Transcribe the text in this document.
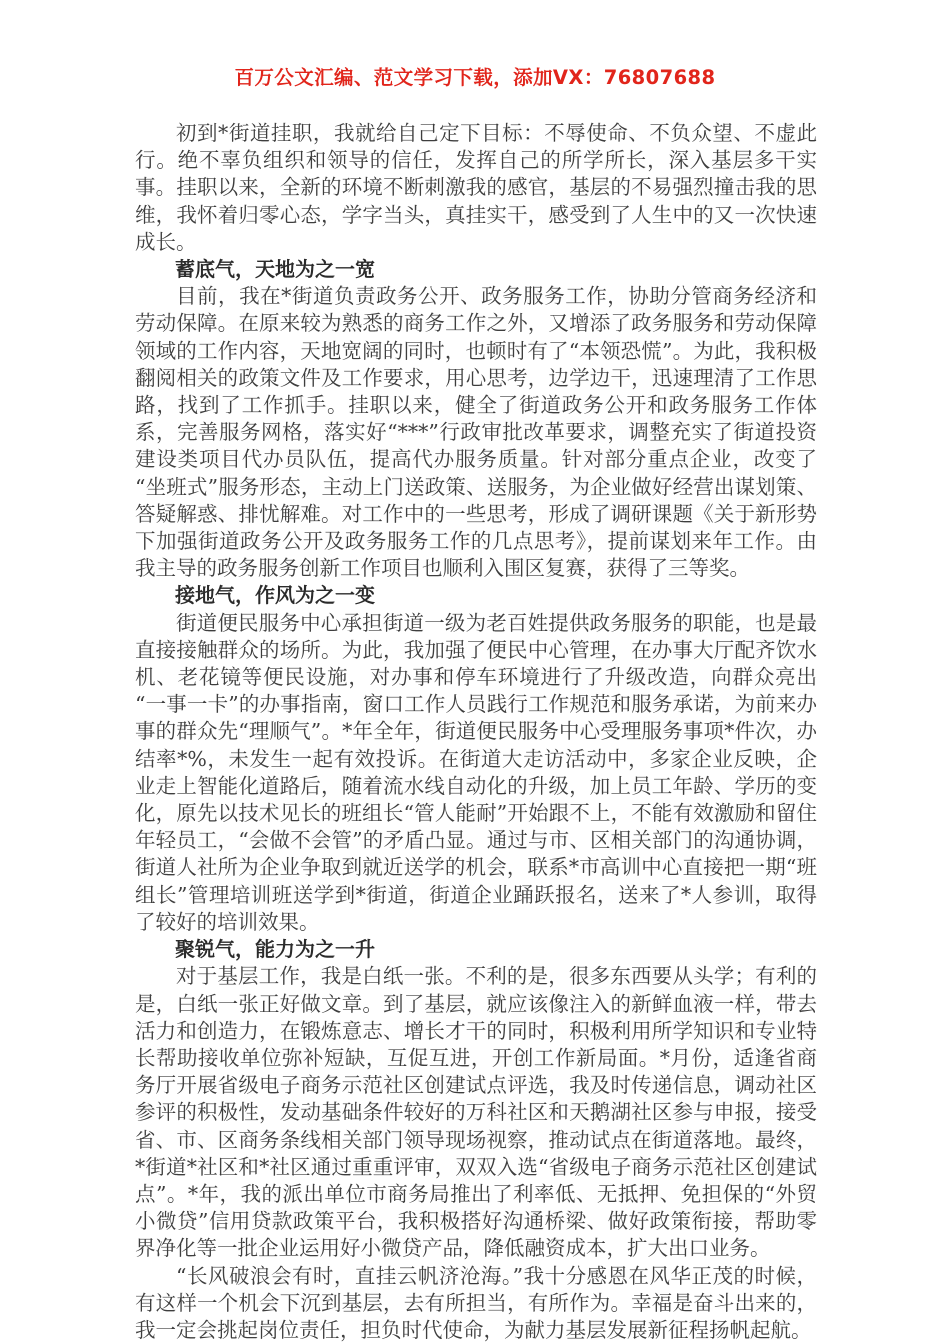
百万公文汇编、范文学习下载，添加VX：76807688

初到*街道挂职，我就给自己定下目标：不辱使命、不负众望、不虚此行。绝不辜负组织和领导的信任，发挥自己的所学所长，深入基层多干实事。挂职以来，全新的环境不断刺激我的感官，基层的不易强烈撞击我的思维，我怀着归零心态，学字当头，真挂实干，感受到了人生中的又一次快速成长。

蓄底气，天地为之一宽

目前，我在*街道负责政务公开、政务服务工作，协助分管商务经济和劳动保障。在原来较为熟悉的商务工作之外，又增添了政务服务和劳动保障领域的工作内容，天地宽阔的同时，也顿时有了“本领恐慌”。为此，我积极翻阅相关的政策文件及工作要求，用心思考，边学边干，迅速理清了工作思路，找到了工作抓手。挂职以来，健全了街道政务公开和政务服务工作体系，完善服务网格，落实好“***”行政审批改革要求，调整充实了街道投资建设类项目代办员队伍，提高代办服务质量。针对部分重点企业，改变了“坐班式”服务形态，主动上门送政策、送服务，为企业做好经营出谋划策、答疑解惑、排忧解难。对工作中的一些思考，形成了调研课题《关于新形势下加强街道政务公开及政务服务工作的几点思考》，提前谋划来年工作。由我主导的政务服务创新工作项目也顺利入围区复赛，获得了三等奖。

接地气，作风为之一变

街道便民服务中心承担街道一级为老百姓提供政务服务的职能，也是最直接接触群众的场所。为此，我加强了便民中心管理，在办事大厅配齐饮水机、老花镜等便民设施，对办事和停车环境进行了升级改造，向群众亮出“一事一卡”的办事指南，窗口工作人员践行工作规范和服务承诺，为前来办事的群众先“理顺气”。*年全年，街道便民服务中心受理服务事项*件次，办结率*%，未发生一起有效投诉。在街道大走访活动中，多家企业反映，企业走上智能化道路后，随着流水线自动化的升级，加上员工年龄、学历的变化，原先以技术见长的班组长“管人能耐”开始跟不上，不能有效激励和留住年轻员工，“会做不会管”的矛盾凸显。通过与市、区相关部门的沟通协调，街道人社所为企业争取到就近送学的机会，联系*市高训中心直接把一期“班组长”管理培训班送学到*街道，街道企业踊跃报名，送来了*人参训，取得了较好的培训效果。

聚锐气，能力为之一升

对于基层工作，我是白纸一张。不利的是，很多东西要从头学；有利的是，白纸一张正好做文章。到了基层，就应该像注入的新鲜血液一样，带去活力和创造力，在锻炼意志、增长才干的同时，积极利用所学知识和专业特长帮助接收单位弥补短缺，互促互进，开创工作新局面。*月份，适逢省商务厅开展省级电子商务示范社区创建试点评选，我及时传递信息，调动社区参评的积极性，发动基础条件较好的万科社区和天鹅湖社区参与申报，接受省、市、区商务条线相关部门领导现场视察，推动试点在街道落地。最终，*街道*社区和*社区通过重重评审，双双入选“省级电子商务示范社区创建试点”。*年，我的派出单位市商务局推出了利率低、无抵押、免担保的“外贸小微贷”信用贷款政策平台，我积极搭好沟通桥梁、做好政策衔接，帮助零界净化等一批企业运用好小微贷产品，降低融资成本，扩大出口业务。

“长风破浪会有时，直挂云帆济沧海。”我十分感恩在风华正茂的时候，有这样一个机会下沉到基层，去有所担当，有所作为。幸福是奋斗出来的，我一定会挑起岗位责任，担负时代使命，为献力基层发展新征程扬帆起航。
